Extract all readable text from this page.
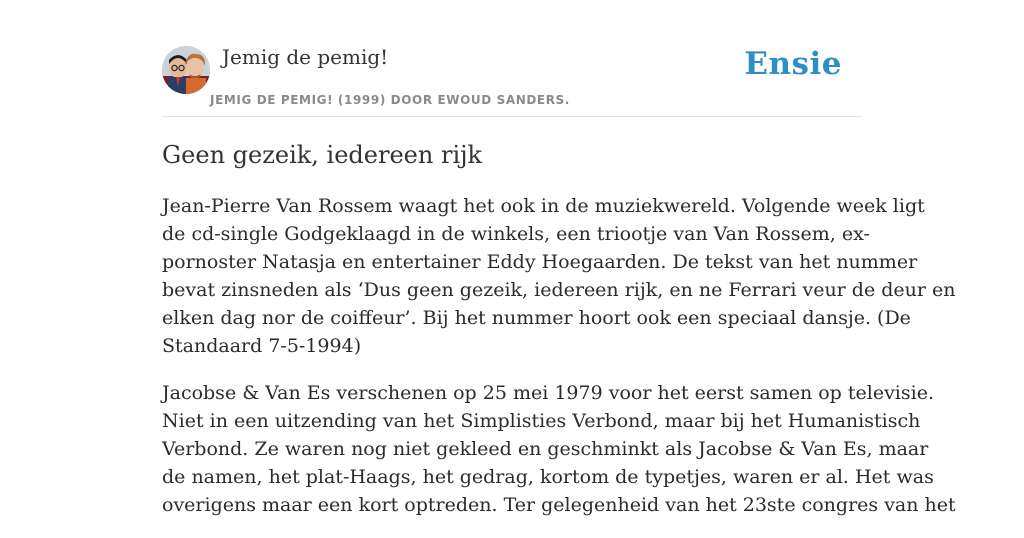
Jemig de pemig!
JEMIG DE PEMIG! (1999) DOOR EWOUD SANDERS.
Ensie
Geen gezeik, iedereen rijk

Jean-Pierre Van Rossem waagt het ook in de muziekwereld. Volgende week ligt
de cd-single Godgeklaagd in de winkels, een triootje van Van Rossem, ex-
pornoster Natasja en entertainer Eddy Hoegaarden. De tekst van het nummer
bevat zinsneden als ‘Dus geen gezeik, iedereen rijk, en ne Ferrari veur de deur en
elken dag nor de coiffeur’. Bij het nummer hoort ook een speciaal dansje. (De
Standaard 7-5-1994)

Jacobse & Van Es verschenen op 25 mei 1979 voor het eerst samen op televisie.
Niet in een uitzending van het Simplisties Verbond, maar bij het Humanistisch
Verbond. Ze waren nog niet gekleed en geschminkt als Jacobse & Van Es, maar
de namen, het plat-Haags, het gedrag, kortom de typetjes, waren er al. Het was
overigens maar een kort optreden. Ter gelegenheid van het 23ste congres van het
